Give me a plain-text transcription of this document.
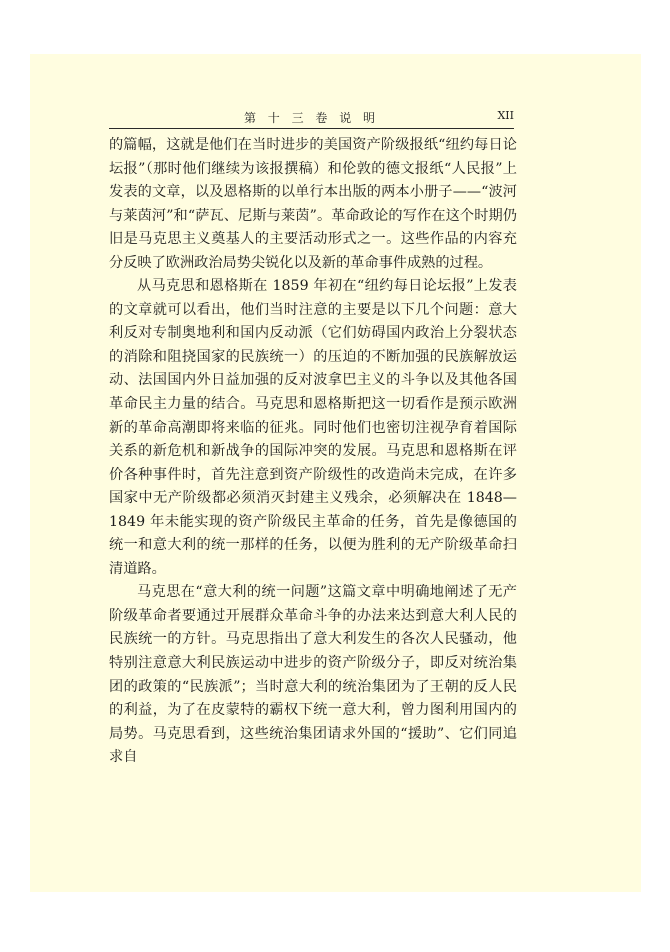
第 十 三 卷 说 明	XII

的篇幅，这就是他们在当时进步的美国资产阶级报纸“纽约每日论坛报”（那时他们继续为该报撰稿）和伦敦的德文报纸“人民报”上发表的文章，以及恩格斯的以单行本出版的两本小册子——“波河与莱茵河”和“萨瓦、尼斯与莱茵”。革命政论的写作在这个时期仍旧是马克思主义奠基人的主要活动形式之一。这些作品的内容充分反映了欧洲政治局势尖锐化以及新的革命事件成熟的过程。

从马克思和恩格斯在 1859 年初在“纽约每日论坛报”上发表的文章就可以看出，他们当时注意的主要是以下几个问题：意大利反对专制奥地利和国内反动派（它们妨碍国内政治上分裂状态的消除和阻挠国家的民族统一）的压迫的不断加强的民族解放运动、法国国内外日益加强的反对波拿巴主义的斗争以及其他各国革命民主力量的结合。马克思和恩格斯把这一切看作是预示欧洲新的革命高潮即将来临的征兆。同时他们也密切注视孕育着国际关系的新危机和新战争的国际冲突的发展。马克思和恩格斯在评价各种事件时，首先注意到资产阶级性的改造尚未完成，在许多国家中无产阶级都必须消灭封建主义残余，必须解决在 1848—1849 年未能实现的资产阶级民主革命的任务，首先是像德国的统一和意大利的统一那样的任务，以便为胜利的无产阶级革命扫清道路。

马克思在“意大利的统一问题”这篇文章中明确地阐述了无产阶级革命者要通过开展群众革命斗争的办法来达到意大利人民的民族统一的方针。马克思指出了意大利发生的各次人民骚动，他特别注意意大利民族运动中进步的资产阶级分子，即反对统治集团的政策的“民族派”；当时意大利的统治集团为了王朝的反人民的利益，为了在皮蒙特的霸权下统一意大利，曾力图利用国内的局势。马克思看到，这些统治集团请求外国的“援助”、它们同追求自
